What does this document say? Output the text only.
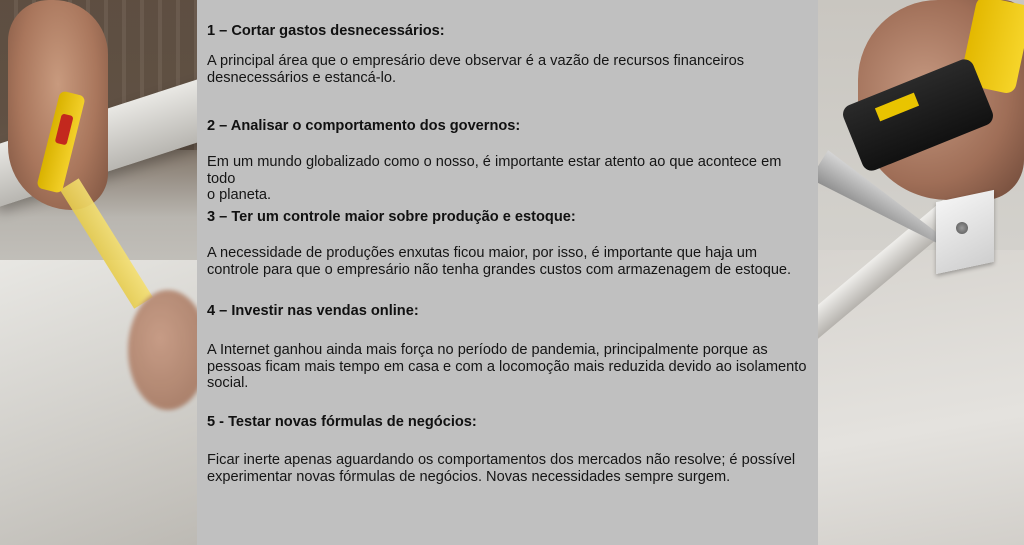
1 – Cortar gastos desnecessários:

A principal área que o empresário deve observar é a vazão de recursos financeiros
desnecessários e estancá-lo.

2 – Analisar o comportamento dos governos:

Em um mundo globalizado como o nosso, é importante estar atento ao que acontece em todo
o planeta.

3 – Ter um controle maior sobre produção e estoque:

A necessidade de produções enxutas ficou maior, por isso, é importante que haja um
controle para que o empresário não tenha grandes custos com armazenagem de estoque.

4 – Investir nas vendas online:

A Internet ganhou ainda mais força no período de pandemia, principalmente porque as
pessoas ficam mais tempo em casa e com a locomoção mais reduzida devido ao isolamento
social.

5 - Testar novas fórmulas de negócios:

Ficar inerte apenas aguardando os comportamentos dos mercados não resolve; é possível
experimentar novas fórmulas de negócios. Novas necessidades sempre surgem.
